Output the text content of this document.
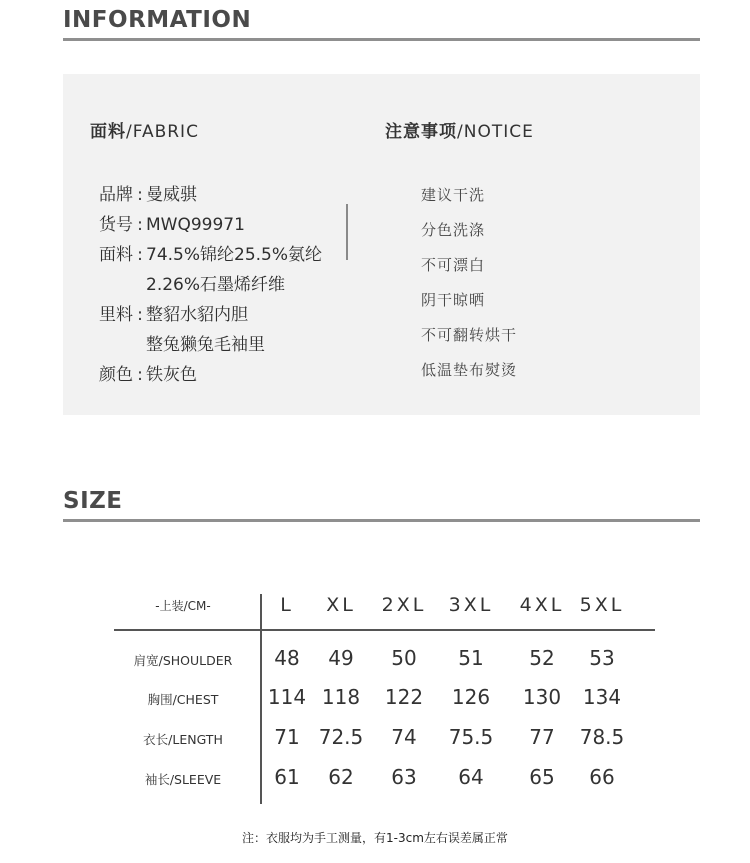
INFORMATION
面料/FABRIC	注意事项/NOTICE
品牌 : 曼威骐
货号 : MWQ99971
面料 : 74.5%锦纶25.5%氨纶
2.26%石墨烯纤维
里料 : 整貂水貂内胆
整兔獭兔毛袖里
颜色 : 铁灰色
建议干洗
分色洗涤
不可漂白
阴干晾晒
不可翻转烘干
低温垫布熨烫
SIZE
-上装/CM-	L	XL	2XL	3XL	4XL 5XL
肩宽/SHOULDER	48	49	50	51	52	53
胸围/CHEST	114 118	122	126	130	134
衣长/LENGTH	71 72.5	74	75.5	77	78.5
袖长/SLEEVE	61	62	63	64	65	66
注：衣服均为手工测量，有1-3cm左右误差属正常
